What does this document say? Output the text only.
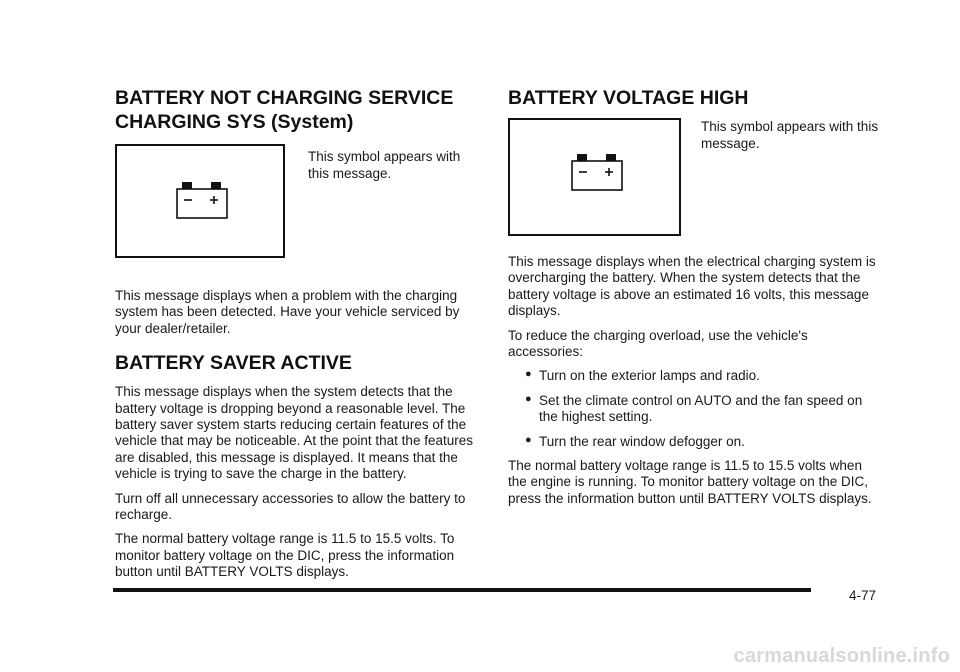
BATTERY NOT CHARGING SERVICE
CHARGING SYS (System)
This symbol appears with this message.

This message displays when a problem with the charging system has been detected. Have your vehicle serviced by your dealer/retailer.

BATTERY SAVER ACTIVE

This message displays when the system detects that the battery voltage is dropping beyond a reasonable level. The battery saver system starts reducing certain features of the vehicle that may be noticeable. At the point that the features are disabled, this message is displayed. It means that the vehicle is trying to save the charge in the battery.

Turn off all unnecessary accessories to allow the battery to recharge.

The normal battery voltage range is 11.5 to 15.5 volts. To monitor battery voltage on the DIC, press the information button until BATTERY VOLTS displays.

BATTERY VOLTAGE HIGH
This symbol appears with this message.

This message displays when the electrical charging system is overcharging the battery. When the system detects that the battery voltage is above an estimated 16 volts, this message displays.

To reduce the charging overload, use the vehicle's accessories:

● Turn on the exterior lamps and radio.
● Set the climate control on AUTO and the fan speed on the highest setting.
● Turn the rear window defogger on.

The normal battery voltage range is 11.5 to 15.5 volts when the engine is running. To monitor battery voltage on the DIC, press the information button until BATTERY VOLTS displays.

4-77
carmanualsonline.info
